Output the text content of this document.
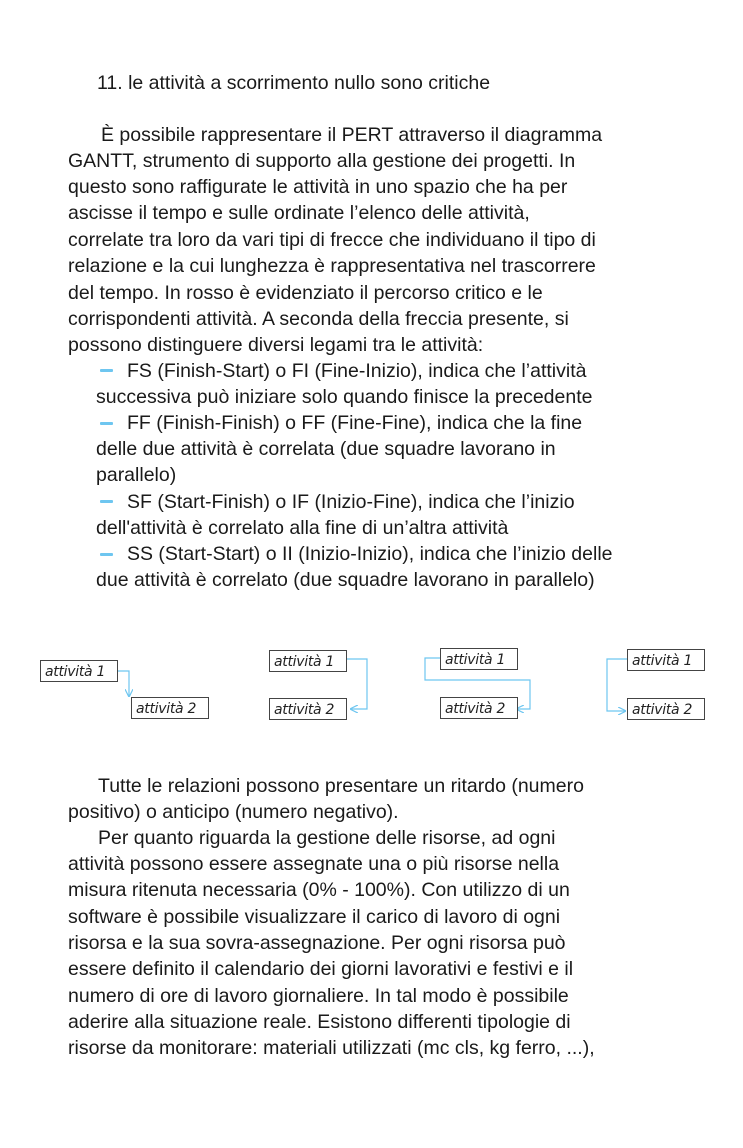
11. le attività a scorrimento nullo sono critiche
È possibile rappresentare il PERT attraverso il diagramma
GANTT, strumento di supporto alla gestione dei progetti. In
questo sono raffigurate le attività in uno spazio che ha per
ascisse il tempo e sulle ordinate l’elenco delle attività,
correlate tra loro da vari tipi di frecce che individuano il tipo di
relazione e la cui lunghezza è rappresentativa nel trascorrere
del tempo. In rosso è evidenziato il percorso critico e le
corrispondenti attività. A seconda della freccia presente, si
possono distinguere diversi legami tra le attività:
FS (Finish-Start) o FI (Fine-Inizio), indica che l’attività
successiva può iniziare solo quando finisce la precedente
FF (Finish-Finish) o FF (Fine-Fine), indica che la fine
delle due attività è correlata (due squadre lavorano in
parallelo)
SF (Start-Finish) o IF (Inizio-Fine), indica che l’inizio
dell'attività è correlato alla fine di un’altra attività
SS (Start-Start) o II (Inizio-Inizio), indica che l’inizio delle
due attività è correlato (due squadre lavorano in parallelo)
attività 1
attività 2
attività 1
attività 2
attività 1
attività 2
attività 1
attività 2
Tutte le relazioni possono presentare un ritardo (numero
positivo) o anticipo (numero negativo).
Per quanto riguarda la gestione delle risorse, ad ogni
attività possono essere assegnate una o più risorse nella
misura ritenuta necessaria (0% - 100%). Con utilizzo di un
software è possibile visualizzare il carico di lavoro di ogni
risorsa e la sua sovra-assegnazione. Per ogni risorsa può
essere definito il calendario dei giorni lavorativi e festivi e il
numero di ore di lavoro giornaliere. In tal modo è possibile
aderire alla situazione reale. Esistono differenti tipologie di
risorse da monitorare: materiali utilizzati (mc cls, kg ferro, ...),
